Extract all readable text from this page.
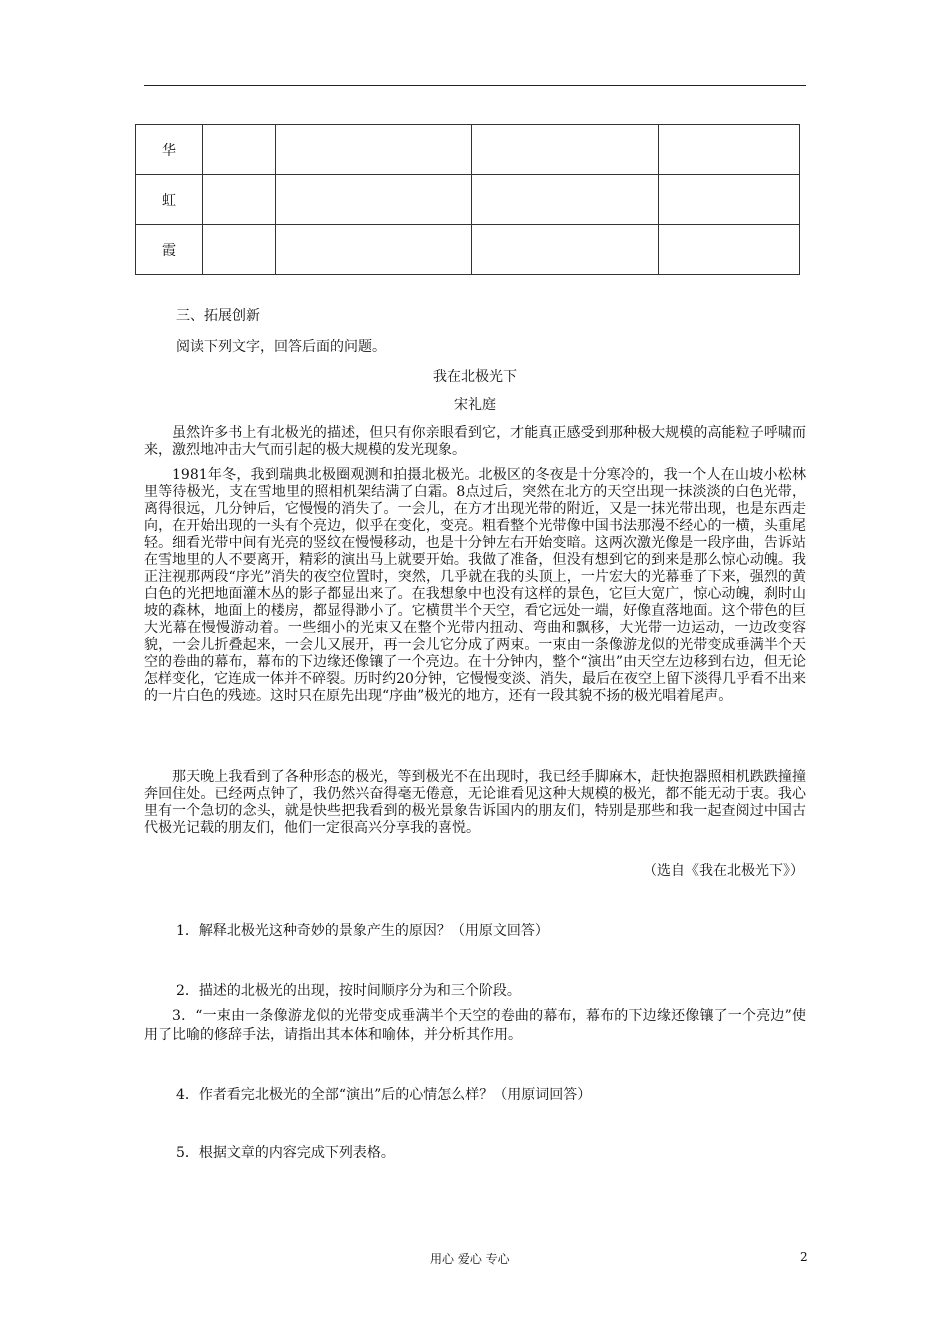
华				
虹				
霞				
三、拓展创新
阅读下列文字，回答后面的问题。
我在北极光下
宋礼庭
虽然许多书上有北极光的描述，但只有你亲眼看到它，才能真正感受到那种极大规模的高能粒子呼啸而来，激烈地冲击大气而引起的极大规模的发光现象。
1981年冬，我到瑞典北极圈观测和拍摄北极光。北极区的冬夜是十分寒冷的，我一个人在山坡小松林里等待极光，支在雪地里的照相机架结满了白霜。8点过后，突然在北方的天空出现一抹淡淡的白色光带，离得很远，几分钟后，它慢慢的消失了。一会儿，在方才出现光带的附近，又是一抹光带出现，也是东西走向，在开始出现的一头有个亮边，似乎在变化，变亮。粗看整个光带像中国书法那漫不经心的一横，头重尾轻。细看光带中间有光亮的竖纹在慢慢移动，也是十分钟左右开始变暗。这两次激光像是一段序曲，告诉站在雪地里的人不要离开，精彩的演出马上就要开始。我做了准备，但没有想到它的到来是那么惊心动魄。我正注视那两段“序光”消失的夜空位置时，突然，几乎就在我的头顶上，一片宏大的光幕垂了下来，强烈的黄白色的光把地面灌木丛的影子都显出来了。在我想象中也没有这样的景色，它巨大宽广，惊心动魄，刹时山坡的森林，地面上的楼房，都显得渺小了。它横贯半个天空，看它远处一端，好像直落地面。这个带色的巨大光幕在慢慢游动着。一些细小的光束又在整个光带内扭动、弯曲和飘移，大光带一边运动，一边改变容貌，一会儿折叠起来，一会儿又展开，再一会儿它分成了两束。一束由一条像游龙似的光带变成垂满半个天空的卷曲的幕布，幕布的下边缘还像镶了一个亮边。在十分钟内，整个“演出”由天空左边移到右边，但无论怎样变化，它连成一体并不碎裂。历时约20分钟，它慢慢变淡、消失，最后在夜空上留下淡得几乎看不出来的一片白色的残迹。这时只在原先出现“序曲”极光的地方，还有一段其貌不扬的极光唱着尾声。
那天晚上我看到了各种形态的极光，等到极光不在出现时，我已经手脚麻木，赶快抱器照相机跌跌撞撞奔回住处。已经两点钟了，我仍然兴奋得毫无倦意，无论谁看见这种大规模的极光，都不能无动于衷。我心里有一个急切的念头，就是快些把我看到的极光景象告诉国内的朋友们，特别是那些和我一起查阅过中国古代极光记载的朋友们，他们一定很高兴分享我的喜悦。
（选自《我在北极光下》）
1．解释北极光这种奇妙的景象产生的原因？（用原文回答）
2．描述的北极光的出现，按时间顺序分为和三个阶段。
3．“一束由一条像游龙似的光带变成垂满半个天空的卷曲的幕布，幕布的下边缘还像镶了一个亮边”使用了比喻的修辞手法，请指出其本体和喻体，并分析其作用。
4．作者看完北极光的全部“演出”后的心情怎么样？（用原词回答）
5．根据文章的内容完成下列表格。
用心 爱心 专心	2
